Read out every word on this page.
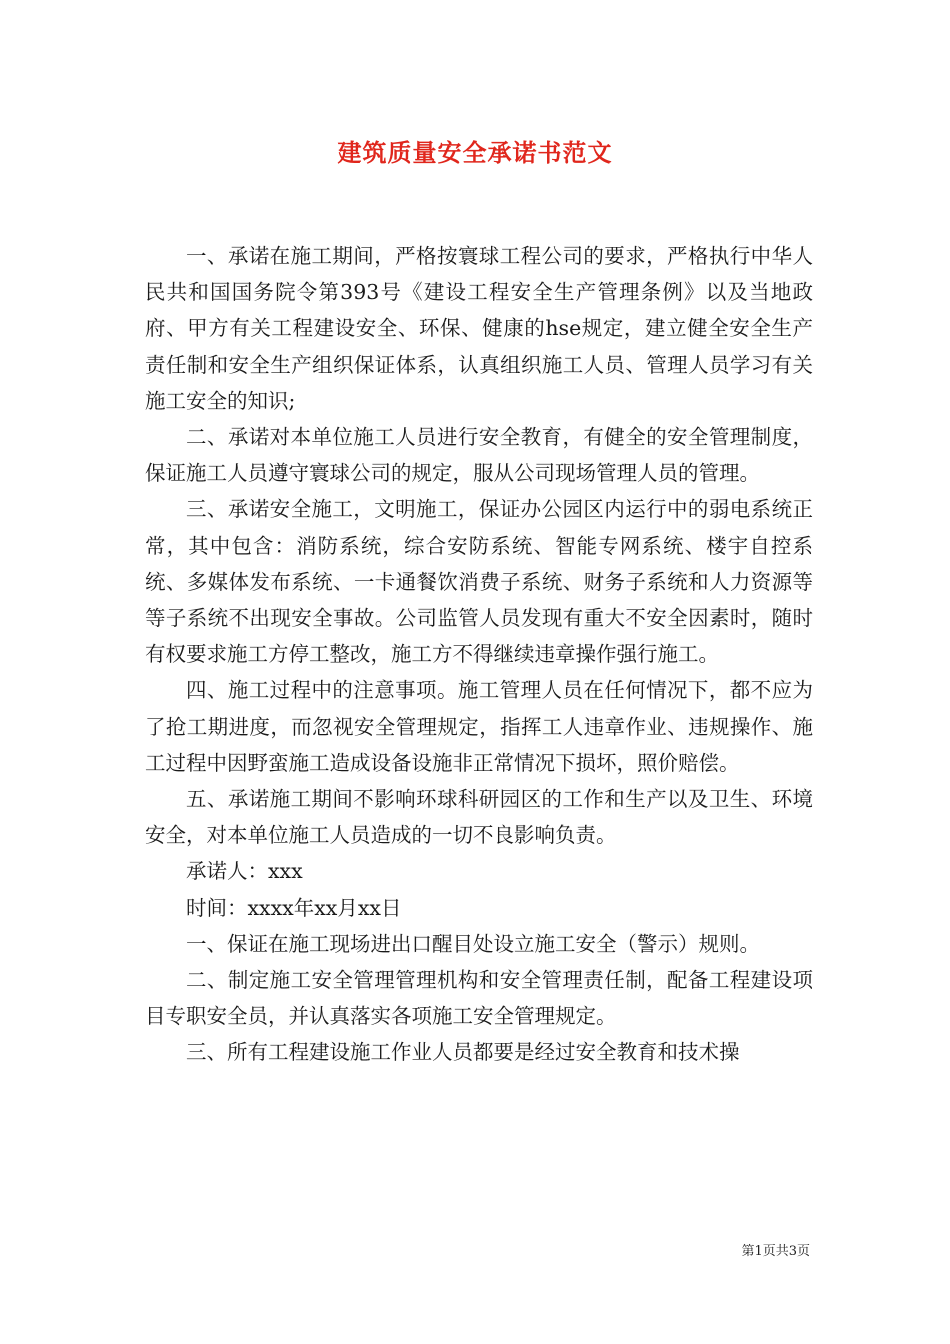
建筑质量安全承诺书范文

一、承诺在施工期间，严格按寰球工程公司的要求，严格执行中华人民共和国国务院令第393号《建设工程安全生产管理条例》以及当地政府、甲方有关工程建设安全、环保、健康的hse规定，建立健全安全生产责任制和安全生产组织保证体系，认真组织施工人员、管理人员学习有关施工安全的知识;

二、承诺对本单位施工人员进行安全教育，有健全的安全管理制度，保证施工人员遵守寰球公司的规定，服从公司现场管理人员的管理。

三、承诺安全施工，文明施工，保证办公园区内运行中的弱电系统正常，其中包含：消防系统，综合安防系统、智能专网系统、楼宇自控系统、多媒体发布系统、一卡通餐饮消费子系统、财务子系统和人力资源等等子系统不出现安全事故。公司监管人员发现有重大不安全因素时，随时有权要求施工方停工整改，施工方不得继续违章操作强行施工。

四、施工过程中的注意事项。施工管理人员在任何情况下，都不应为了抢工期进度，而忽视安全管理规定，指挥工人违章作业、违规操作、施工过程中因野蛮施工造成设备设施非正常情况下损坏，照价赔偿。

五、承诺施工期间不影响环球科研园区的工作和生产以及卫生、环境安全，对本单位施工人员造成的一切不良影响负责。

承诺人：xxx

时间：xxxx年xx月xx日

一、保证在施工现场进出口醒目处设立施工安全（警示）规则。

二、制定施工安全管理管理机构和安全管理责任制，配备工程建设项目专职安全员，并认真落实各项施工安全管理规定。

三、所有工程建设施工作业人员都要是经过安全教育和技术操

第1页共3页
